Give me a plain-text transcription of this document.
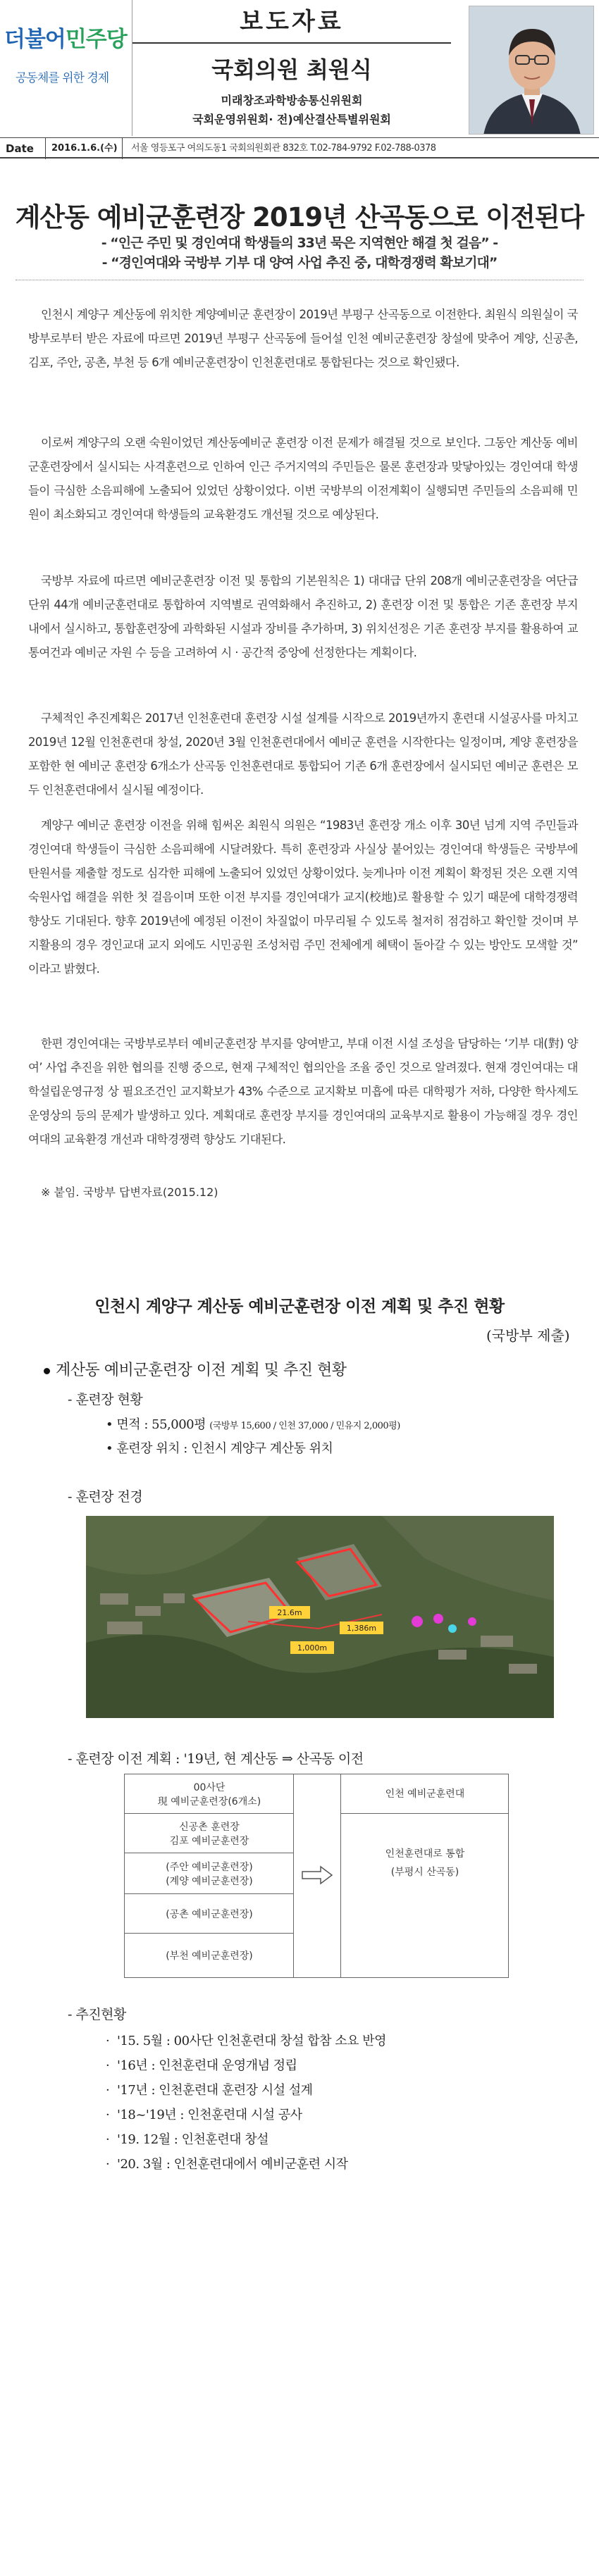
더불어민주당
공동체를 위한 경제
보도자료
국회의원 최원식
미래창조과학방송통신위원회
국회운영위원회· 전)예산결산특별위원회
Date	2016.1.6.(수)	서울 영등포구 여의도동1 국회의원회관 832호 T.02-784-9792 F.02-788-0378
계산동 예비군훈련장 2019년 산곡동으로 이전된다
- “인근 주민 및 경인여대 학생들의 33년 묵은 지역현안 해결 첫 걸음” -
- “경인여대와 국방부 기부 대 양여 사업 추진 중, 대학경쟁력 확보기대”

인천시 계양구 계산동에 위치한 계양예비군 훈련장이 2019년 부평구 산곡동으로 이전한다. 최원식 의원실이 국방부로부터 받은 자료에 따르면 2019년 부평구 산곡동에 들어설 인천 예비군훈련장 창설에 맞추어 계양, 신공촌, 김포, 주안, 공촌, 부천 등 6개 예비군훈련장이 인천훈련대로 통합된다는 것으로 확인됐다.

이로써 계양구의 오랜 숙원이었던 계산동예비군 훈련장 이전 문제가 해결될 것으로 보인다. 그동안 계산동 예비군훈련장에서 실시되는 사격훈련으로 인하여 인근 주거지역의 주민들은 물론 훈련장과 맞닿아있는 경인여대 학생들이 극심한 소음피해에 노출되어 있었던 상황이었다. 이번 국방부의 이전계획이 실행되면 주민들의 소음피해 민원이 최소화되고 경인여대 학생들의 교육환경도 개선될 것으로 예상된다.

국방부 자료에 따르면 예비군훈련장 이전 및 통합의 기본원칙은 1) 대대급 단위 208개 예비군훈련장을 여단급 단위 44개 예비군훈련대로 통합하여 지역별로 권역화해서 추진하고, 2) 훈련장 이전 및 통합은 기존 훈련장 부지내에서 실시하고, 통합훈련장에 과학화된 시설과 장비를 추가하며, 3) 위치선정은 기존 훈련장 부지를 활용하여 교통여건과 예비군 자원 수 등을 고려하여 시 · 공간적 중앙에 선정한다는 계획이다.

구체적인 추진계획은 2017년 인천훈련대 훈련장 시설 설계를 시작으로 2019년까지 훈련대 시설공사를 마치고 2019년 12월 인천훈련대 창설, 2020년 3월 인천훈련대에서 예비군 훈련을 시작한다는 일정이며, 계양 훈련장을 포함한 현 예비군 훈련장 6개소가 산곡동 인천훈련대로 통합되어 기존 6개 훈련장에서 실시되던 예비군 훈련은 모두 인천훈련대에서 실시될 예정이다.

계양구 예비군 훈련장 이전을 위해 힘써온 최원식 의원은 “1983년 훈련장 개소 이후 30년 넘게 지역 주민들과 경인여대 학생들이 극심한 소음피해에 시달려왔다. 특히 훈련장과 사실상 붙어있는 경인여대 학생들은 국방부에 탄원서를 제출할 정도로 심각한 피해에 노출되어 있었던 상황이었다. 늦게나마 이전 계획이 확정된 것은 오랜 지역숙원사업 해결을 위한 첫 걸음이며 또한 이전 부지를 경인여대가 교지(校地)로 활용할 수 있기 때문에 대학경쟁력 향상도 기대된다. 향후 2019년에 예정된 이전이 차질없이 마무리될 수 있도록 철저히 점검하고 확인할 것이며 부지활용의 경우 경인교대 교지 외에도 시민공원 조성처럼 주민 전체에게 혜택이 돌아갈 수 있는 방안도 모색할 것” 이라고 밝혔다.

한편 경인여대는 국방부로부터 예비군훈련장 부지를 양여받고, 부대 이전 시설 조성을 담당하는 ‘기부 대(對) 양여’ 사업 추진을 위한 협의를 진행 중으로, 현재 구체적인 협의안을 조율 중인 것으로 알려졌다. 현재 경인여대는 대학설립운영규정 상 필요조건인 교지확보가 43% 수준으로 교지확보 미흡에 따른 대학평가 저하, 다양한 학사제도 운영상의 등의 문제가 발생하고 있다. 계획대로 훈련장 부지를 경인여대의 교육부지로 활용이 가능해질 경우 경인여대의 교육환경 개선과 대학경쟁력 향상도 기대된다.

※ 붙임. 국방부 답변자료(2015.12)
인천시 계양구 계산동 예비군훈련장 이전 계획 및 추진 현황
(국방부 제출)
계산동 예비군훈련장 이전 계획 및 추진 현황
- 훈련장 현황
• 면적 : 55,000평 (국방부 15,600 / 인천 37,000 / 민유지 2,000평)
• 훈련장 위치 : 인천시 계양구 계산동 위치
- 훈련장 전경
21.6m
1,386m
1,000m
- 훈련장 이전 계획 : '19년, 현 계산동 ⇒ 산곡동 이전
00사단
現 예비군훈련장(6개소)
신공촌 훈련장
김포 예비군훈련장
(주안 예비군훈련장)
(계양 예비군훈련장)
(공촌 예비군훈련장)
(부천 예비군훈련장)
인천 예비군훈련대
인천훈련대로 통합
(부평시 산곡동)
- 추진현황
· '15. 5월 : 00사단 인천훈련대 창설 합참 소요 반영
· '16년 : 인천훈련대 운영개념 정립
· '17년 : 인천훈련대 훈련장 시설 설계
· '18~'19년 : 인천훈련대 시설 공사
· '19. 12월 : 인천훈련대 창설
· '20. 3월 : 인천훈련대에서 예비군훈련 시작
